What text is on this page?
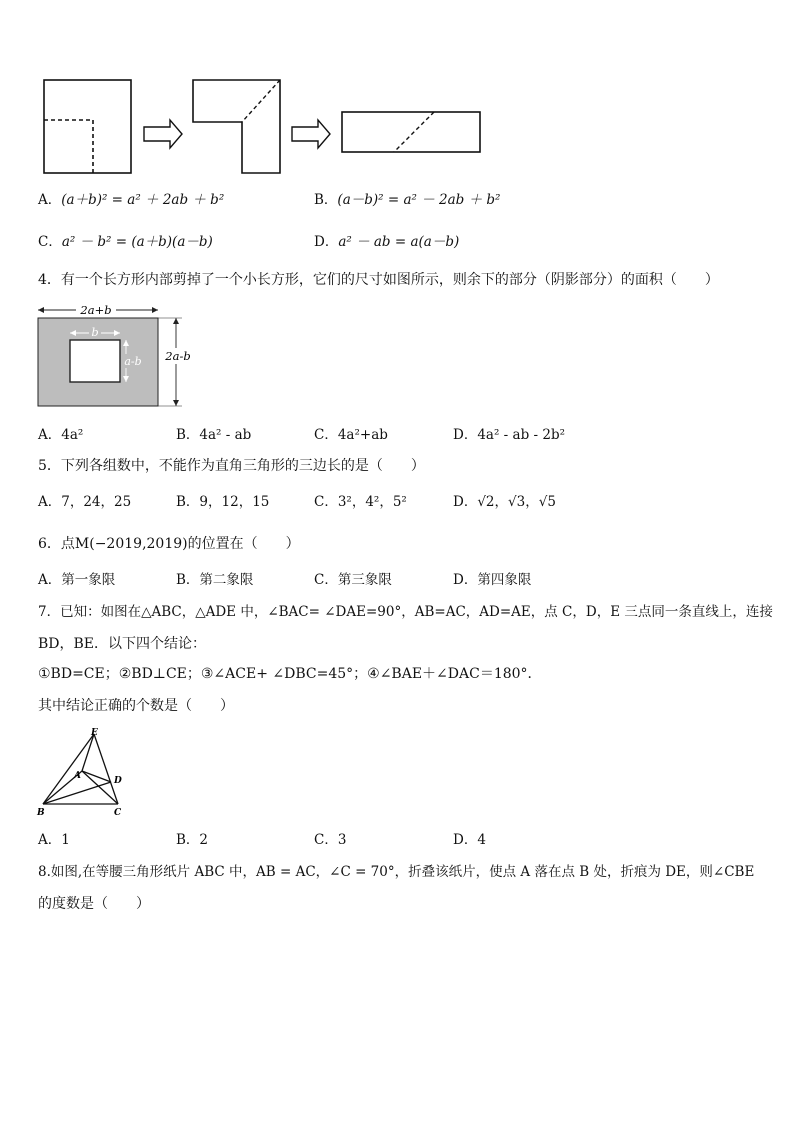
A．(a＋b)² = a² ＋ 2ab ＋ b²	B．(a－b)² = a² － 2ab ＋ b²
C．a² － b² = (a＋b)(a－b)	D．a² － ab = a(a－b)
4．有一个长方形内部剪掉了一个小长方形，它们的尺寸如图所示，则余下的部分（阴影部分）的面积（　　）
2a+b
2a-b
b
a-b
A．4a²	B．4a² - ab	C．4a²+ab	D．4a² - ab - 2b²
5．下列各组数中，不能作为直角三角形的三边长的是（　　）
A．7，24，25	B．9，12，15	C．3²，4²，5²	D．√2，√3，√5
6．点M(−2019,2019)的位置在（　　）
A．第一象限	B．第二象限	C．第三象限	D．第四象限
7．已知：如图在△ABC，△ADE 中，∠BAC= ∠DAE=90°，AB=AC，AD=AE，点 C，D，E 三点同一条直线上，连接
BD，BE．以下四个结论：
①BD=CE；②BD⊥CE；③∠ACE+ ∠DBC=45°；④∠BAE＋∠DAC＝180°．
其中结论正确的个数是（　　）
E
A	D
B	C
A．1	B．2	C．3	D．4
8.如图,在等腰三角形纸片 ABC 中，AB = AC，∠C = 70°，折叠该纸片，使点 A 落在点 B 处，折痕为 DE，则∠CBE
的度数是（　　）
